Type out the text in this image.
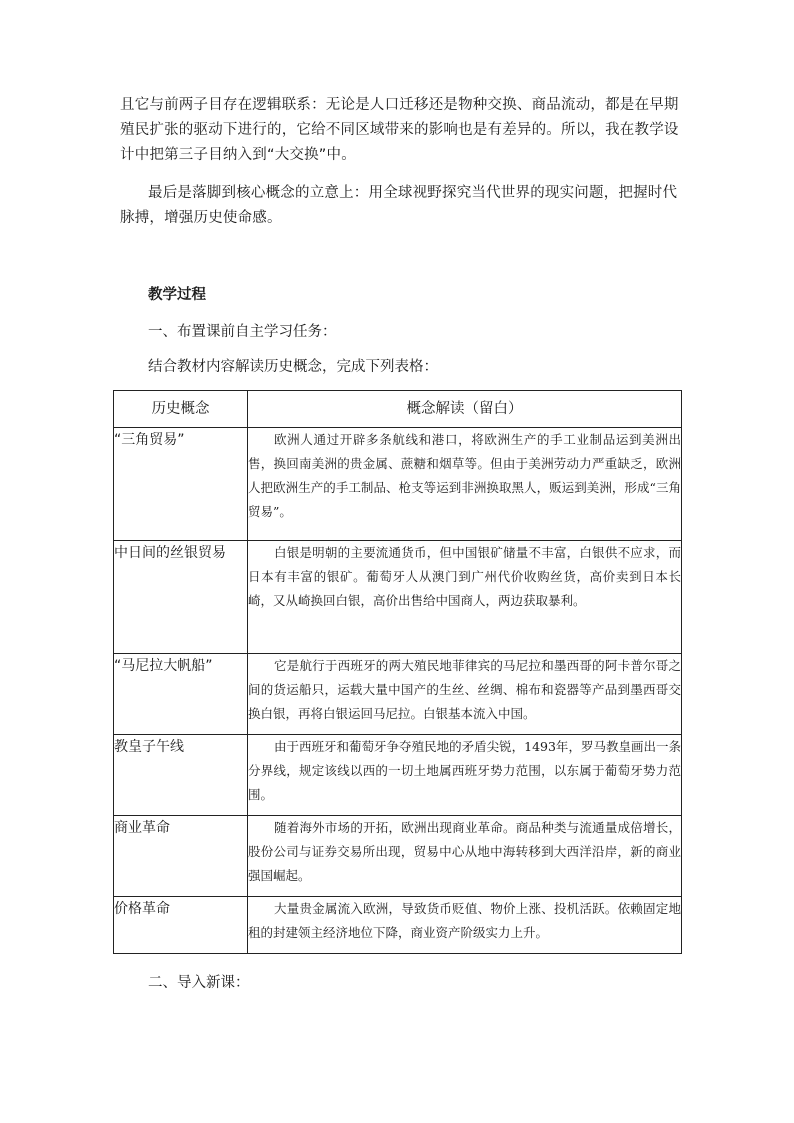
且它与前两子目存在逻辑联系：无论是人口迁移还是物种交换、商品流动，都是在早期殖民扩张的驱动下进行的，它给不同区域带来的影响也是有差异的。所以，我在教学设计中把第三子目纳入到“大交换”中。

最后是落脚到核心概念的立意上：用全球视野探究当代世界的现实问题，把握时代脉搏，增强历史使命感。

教学过程

一、布置课前自主学习任务：

结合教材内容解读历史概念，完成下列表格：

历史概念	概念解读（留白）
“三角贸易”	欧洲人通过开辟多条航线和港口，将欧洲生产的手工业制品运到美洲出售，换回南美洲的贵金属、蔗糖和烟草等。但由于美洲劳动力严重缺乏，欧洲人把欧洲生产的手工制品、枪支等运到非洲换取黑人，贩运到美洲，形成“三角贸易”。
中日间的丝银贸易	白银是明朝的主要流通货币，但中国银矿储量不丰富，白银供不应求，而日本有丰富的银矿。葡萄牙人从澳门到广州代价收购丝货，高价卖到日本长崎，又从崎换回白银，高价出售给中国商人，两边获取暴利。
“马尼拉大帆船”	它是航行于西班牙的两大殖民地菲律宾的马尼拉和墨西哥的阿卡普尔哥之间的货运船只，运载大量中国产的生丝、丝绸、棉布和瓷器等产品到墨西哥交换白银，再将白银运回马尼拉。白银基本流入中国。
教皇子午线	由于西班牙和葡萄牙争夺殖民地的矛盾尖锐，1493年，罗马教皇画出一条分界线，规定该线以西的一切土地属西班牙势力范围，以东属于葡萄牙势力范围。
商业革命	随着海外市场的开拓，欧洲出现商业革命。商品种类与流通量成倍增长，股份公司与证券交易所出现，贸易中心从地中海转移到大西洋沿岸，新的商业强国崛起。
价格革命	大量贵金属流入欧洲，导致货币贬值、物价上涨、投机活跃。依赖固定地租的封建领主经济地位下降，商业资产阶级实力上升。

二、导入新课：
